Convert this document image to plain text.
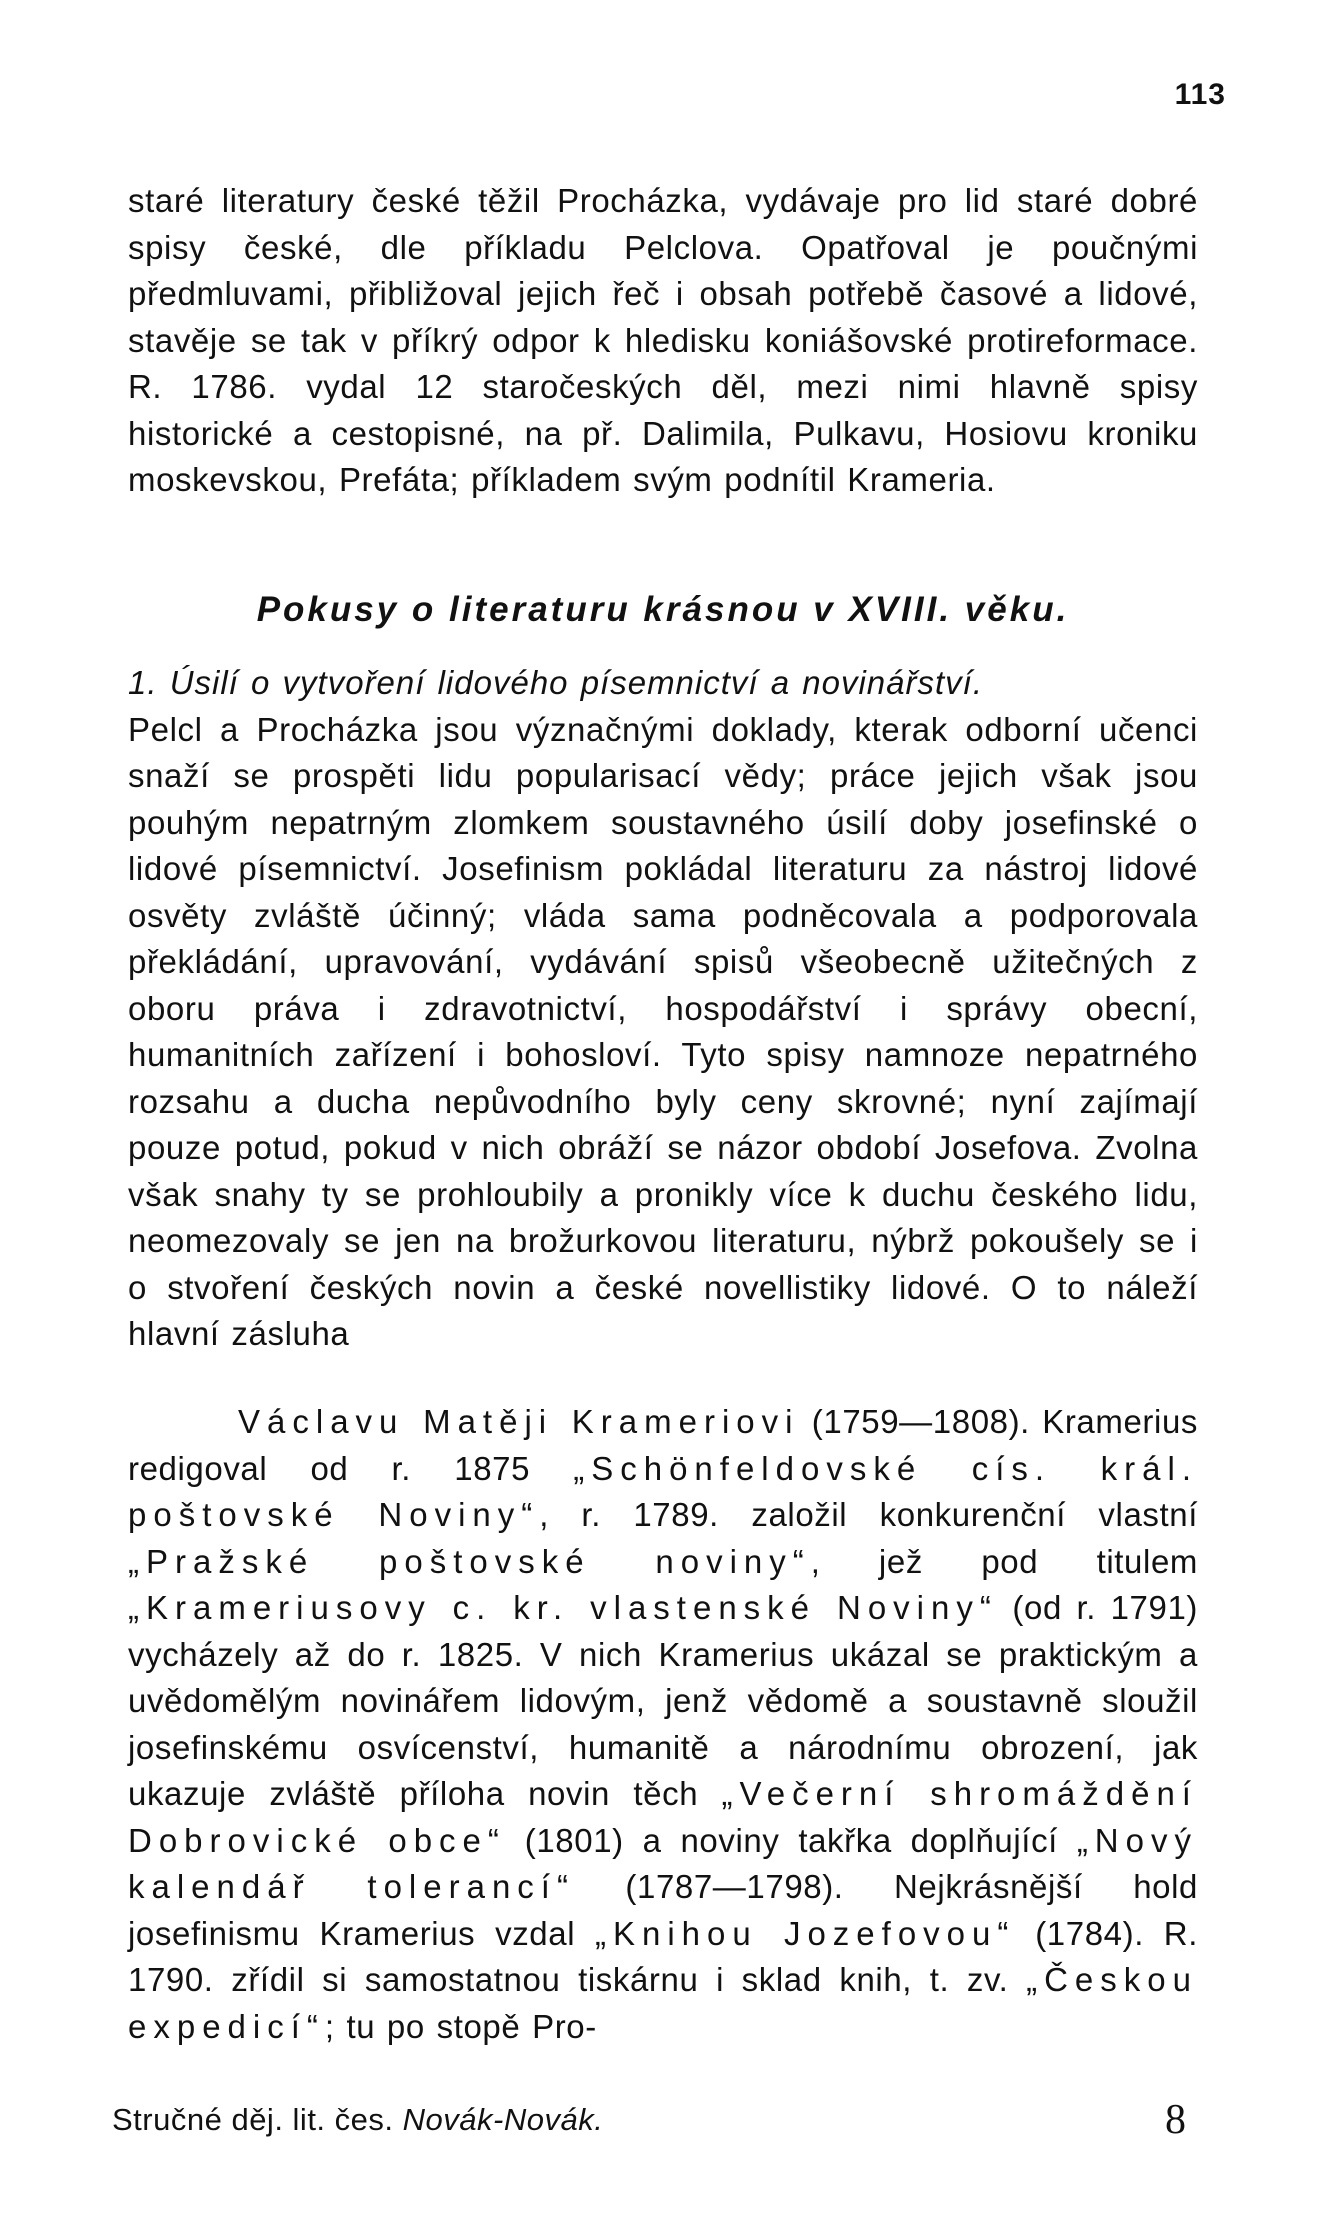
113

staré literatury české těžil Procházka, vydávaje pro lid staré dobré spisy české, dle příkladu Pelclova. Opatřoval je poučnými předmluvami, přibližoval jejich řeč i obsah potřebě časové a lidové, stavěje se tak v příkrý odpor k hledisku koniášovské protireformace. R. 1786. vydal 12 staročeských děl, mezi nimi hlavně spisy historické a cestopisné, na př. Dalimila, Pulkavu, Hosiovu kroniku moskevskou, Prefáta; příkladem svým podnítil Krameria.

Pokusy o literaturu krásnou v XVIII. věku.

1. Úsilí o vytvoření lidového písemnictví a novinářství.
Pelcl a Procházka jsou význačnými doklady, kterak odborní učenci snaží se prospěti lidu popularisací vědy; práce jejich však jsou pouhým nepatrným zlomkem soustavného úsilí doby josefinské o lidové písemnictví. Josefinism pokládal literaturu za nástroj lidové osvěty zvláště účinný; vláda sama podněcovala a podporovala překládání, upravování, vydávání spisů všeobecně užitečných z oboru práva i zdravotnictví, hospodářství i správy obecní, humanitních zařízení i bohosloví. Tyto spisy namnoze nepatrného rozsahu a ducha nepůvodního byly ceny skrovné; nyní zajímají pouze potud, pokud v nich obráží se názor období Josefova. Zvolna však snahy ty se prohloubily a pronikly více k duchu českého lidu, neomezovaly se jen na brožurkovou literaturu, nýbrž pokoušely se i o stvoření českých novin a české novellistiky lidové. O to náleží hlavní zásluha

Václavu Matěji Krameriovi (1759—1808). Kramerius redigoval od r. 1875 „Schönfeldovské cís. král. poštovské Noviny“, r. 1789. založil konkurenční vlastní „Pražské poštovské noviny“, jež pod titulem „Krameriusovy c. kr. vlastenské Noviny“ (od r. 1791) vycházely až do r. 1825. V nich Kramerius ukázal se praktickým a uvědomělým novinářem lidovým, jenž vědomě a soustavně sloužil josefinskému osvícenství, humanitě a národnímu obrození, jak ukazuje zvláště příloha novin těch „Večerní shromáždění Dobrovické obce“ (1801) a noviny takřka doplňující „Nový kalendář tolerancí“ (1787—1798). Nejkrásnější hold josefinismu Kramerius vzdal „Knihou Jozefovou“ (1784). R. 1790. zřídil si samostatnou tiskárnu i sklad knih, t. zv. „Českou expedicí“; tu po stopě Pro-

Stručné děj. lit. čes. Novák-Novák.	8
